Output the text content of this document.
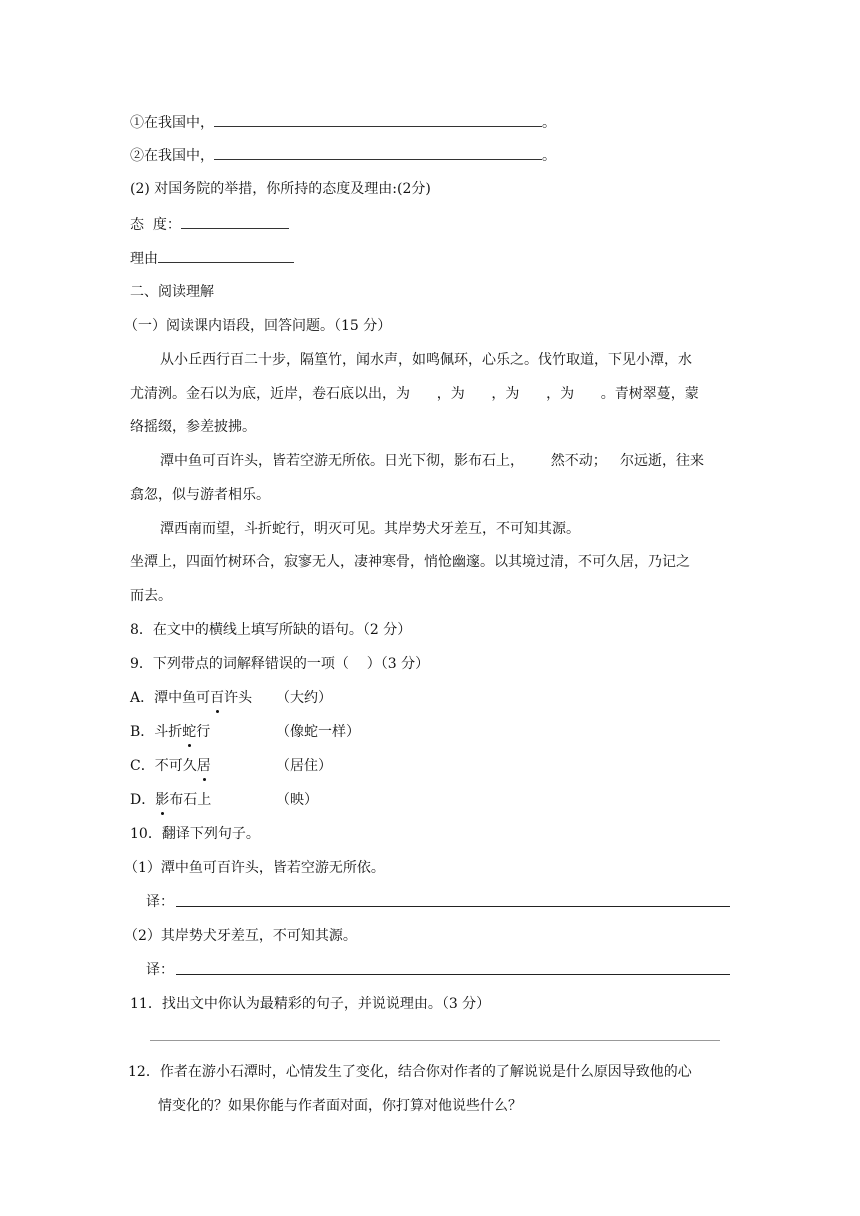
①在我国中，	。
②在我国中，	。
(2) 对国务院的举措，你所持的态度及理由:(2分)
态  度：
理由
二、阅读理解
（一）阅读课内语段，回答问题。（15 分）
从小丘西行百二十步，隔篁竹，闻水声，如鸣佩环，心乐之。伐竹取道，下见小潭，水
尤清洌。金石以为底，近岸，卷石底以出，为      ，为      ，为      ，为      。青树翠蔓，蒙
络摇缀，参差披拂。
潭中鱼可百许头，皆若空游无所依。日光下彻，影布石上，      然不动；   尔远逝，往来
翕忽，似与游者相乐。
潭西南而望，斗折蛇行，明灭可见。其岸势犬牙差互，不可知其源。
坐潭上，四面竹树环合，寂寥无人，凄神寒骨，悄怆幽邃。以其境过清，不可久居，乃记之
而去。
8．在文中的横线上填写所缺的语句。（2 分）
9．下列带点的词解释错误的一项（    ）（3 分）
A．潭中鱼可百许头 （大约）
B．斗折蛇行	（像蛇一样）
C．不可久居	（居住）
D．影布石上	（映）
10．翻译下列句子。
（1）潭中鱼可百许头，皆若空游无所依。
译：
（2）其岸势犬牙差互，不可知其源。
译：
11．找出文中你认为最精彩的句子，并说说理由。（3 分）
12．作者在游小石潭时，心情发生了变化，结合你对作者的了解说说是什么原因导致他的心
情变化的？如果你能与作者面对面，你打算对他说些什么？
